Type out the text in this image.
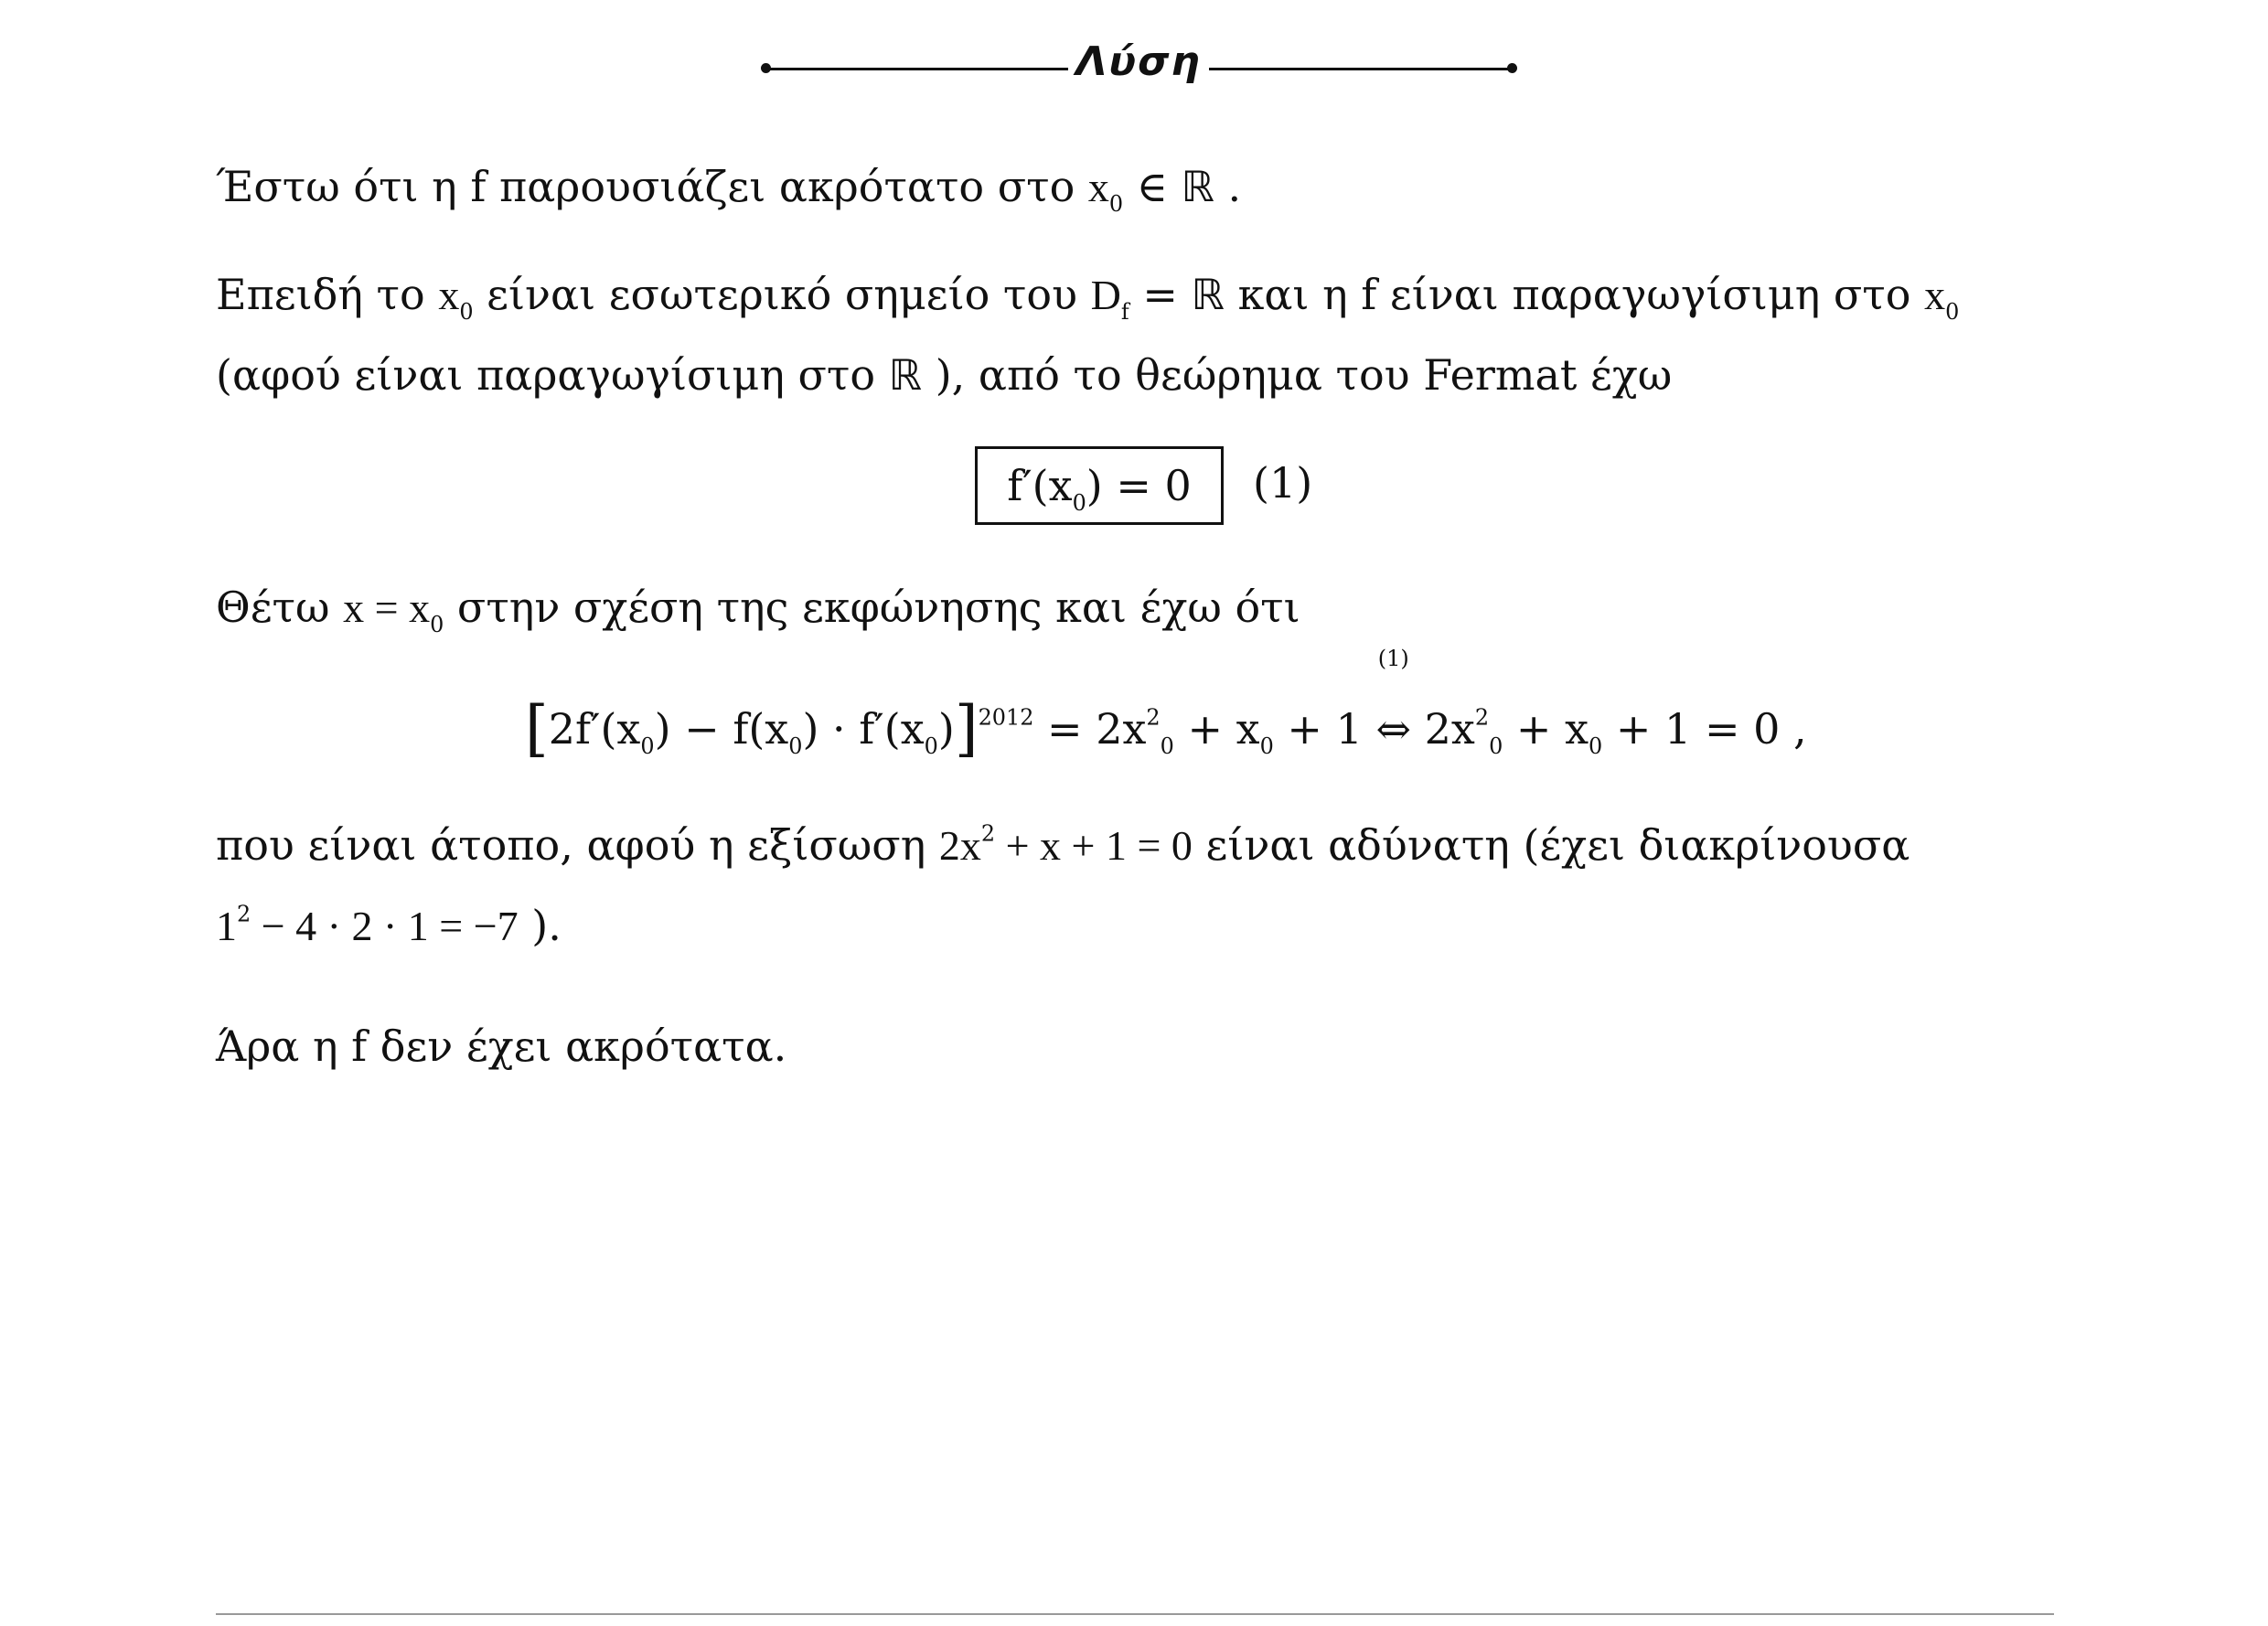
Λύση
Έστω ότι η f παρουσιάζει ακρότατο στο $x_0$ ∈ ℝ .
Επειδή το $x_0$ είναι εσωτερικό σημείο του $D_f$ = ℝ και η f είναι παραγωγίσιμη στο $x_0$
(αφού είναι παραγωγίσιμη στο ℝ ), από το θεώρημα του Fermat έχω
$f'(x_0) = 0$	(1)
Θέτω $x = x_0$ στην σχέση της εκφώνησης και έχω ότι
$[2f'(x_0) - f(x_0) \cdot f'(x_0)]^{2012} = 2x^2_0 + x_0 + 1$
(1)
⇔ $2x^2_0 + x_0 + 1 = 0$ ,
που είναι άτοπο, αφού η εξίσωση $2x^2 + x + 1 = 0$ είναι αδύνατη (έχει διακρίνουσα
$1^2 - 4 \cdot 2 \cdot 1 = -7$ ).
Άρα η f δεν έχει ακρότατα.
